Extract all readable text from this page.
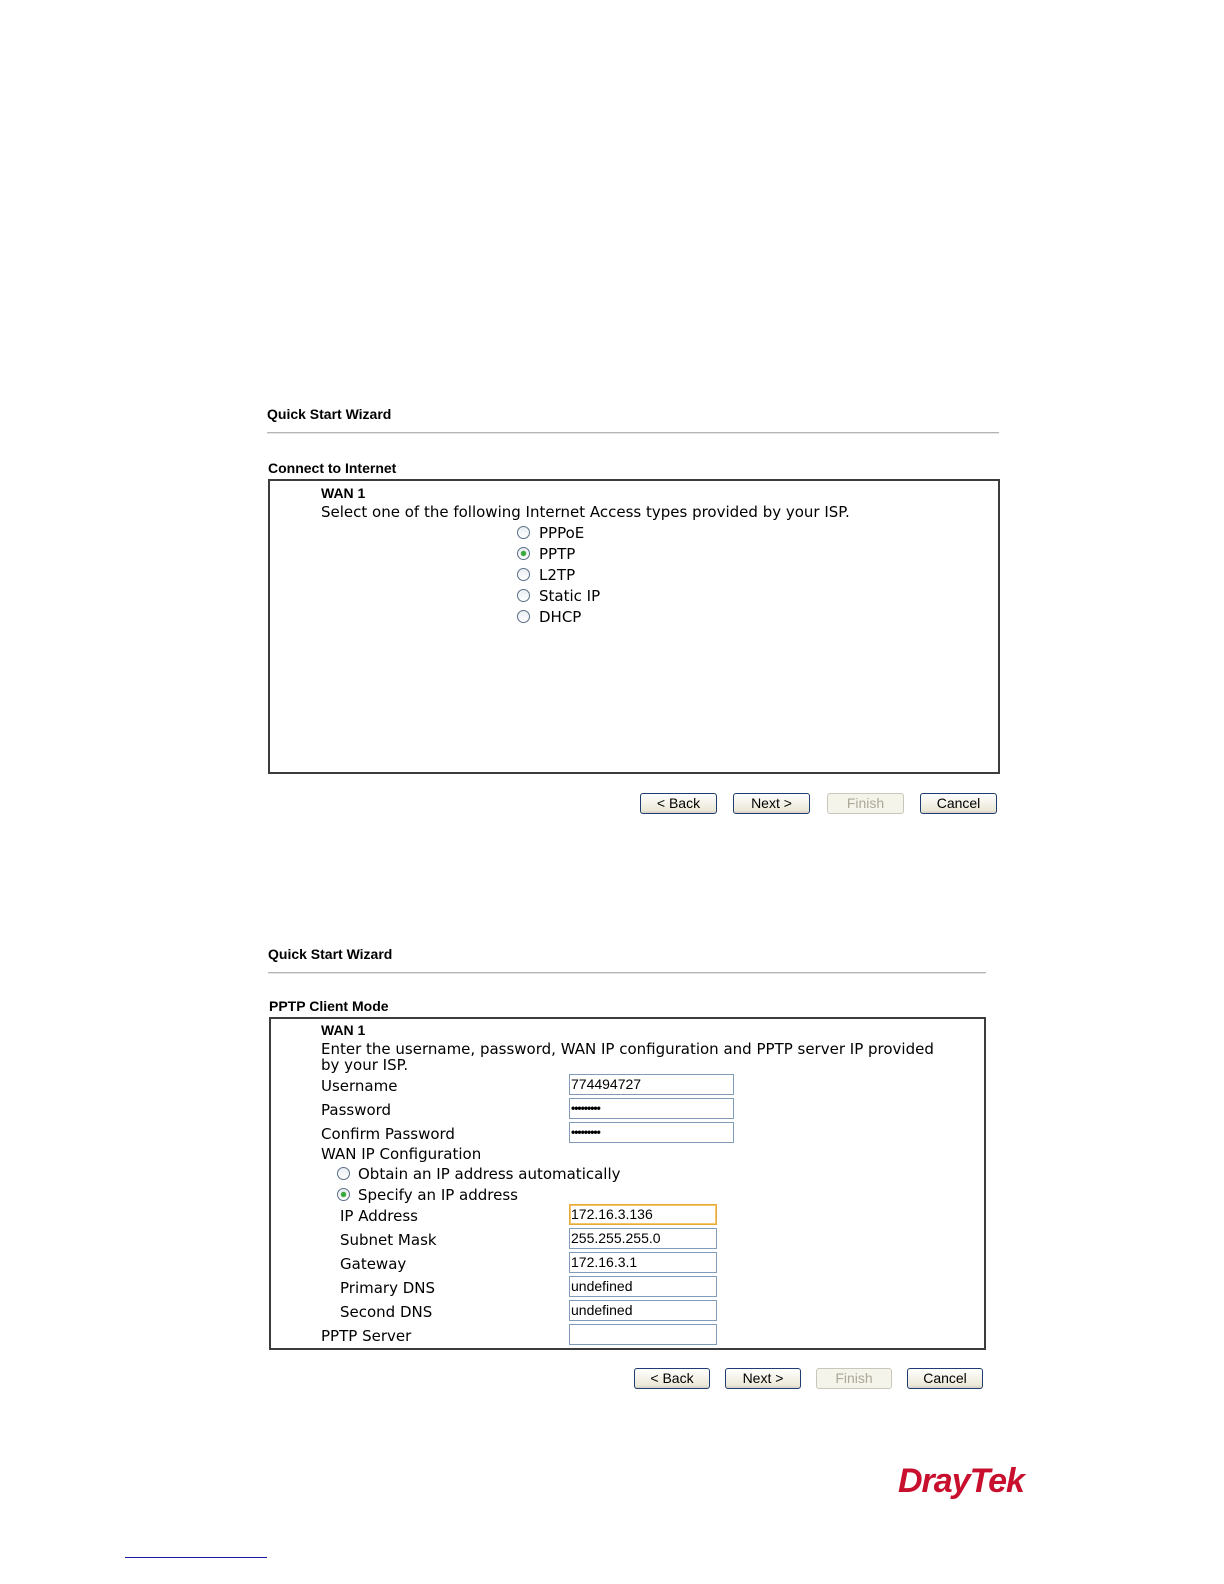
Quick Start Wizard
Connect to Internet
WAN 1
Select one of the following Internet Access types provided by your ISP.
PPPoE
PPTP
L2TP
Static IP
DHCP
< Back	Next >	Finish	Cancel
Quick Start Wizard
PPTP Client Mode
WAN 1
Enter the username, password, WAN IP configuration and PPTP server IP provided
by your ISP.
Username	774494727
Password	•••••••••
Confirm Password	•••••••••
WAN IP Configuration
Obtain an IP address automatically
Specify an IP address
IP Address	172.16.3.136
Subnet Mask	255.255.255.0
Gateway	172.16.3.1
Primary DNS	undefined
Second DNS	undefined
PPTP Server
< Back	Next >	Finish	Cancel
DrayTek
